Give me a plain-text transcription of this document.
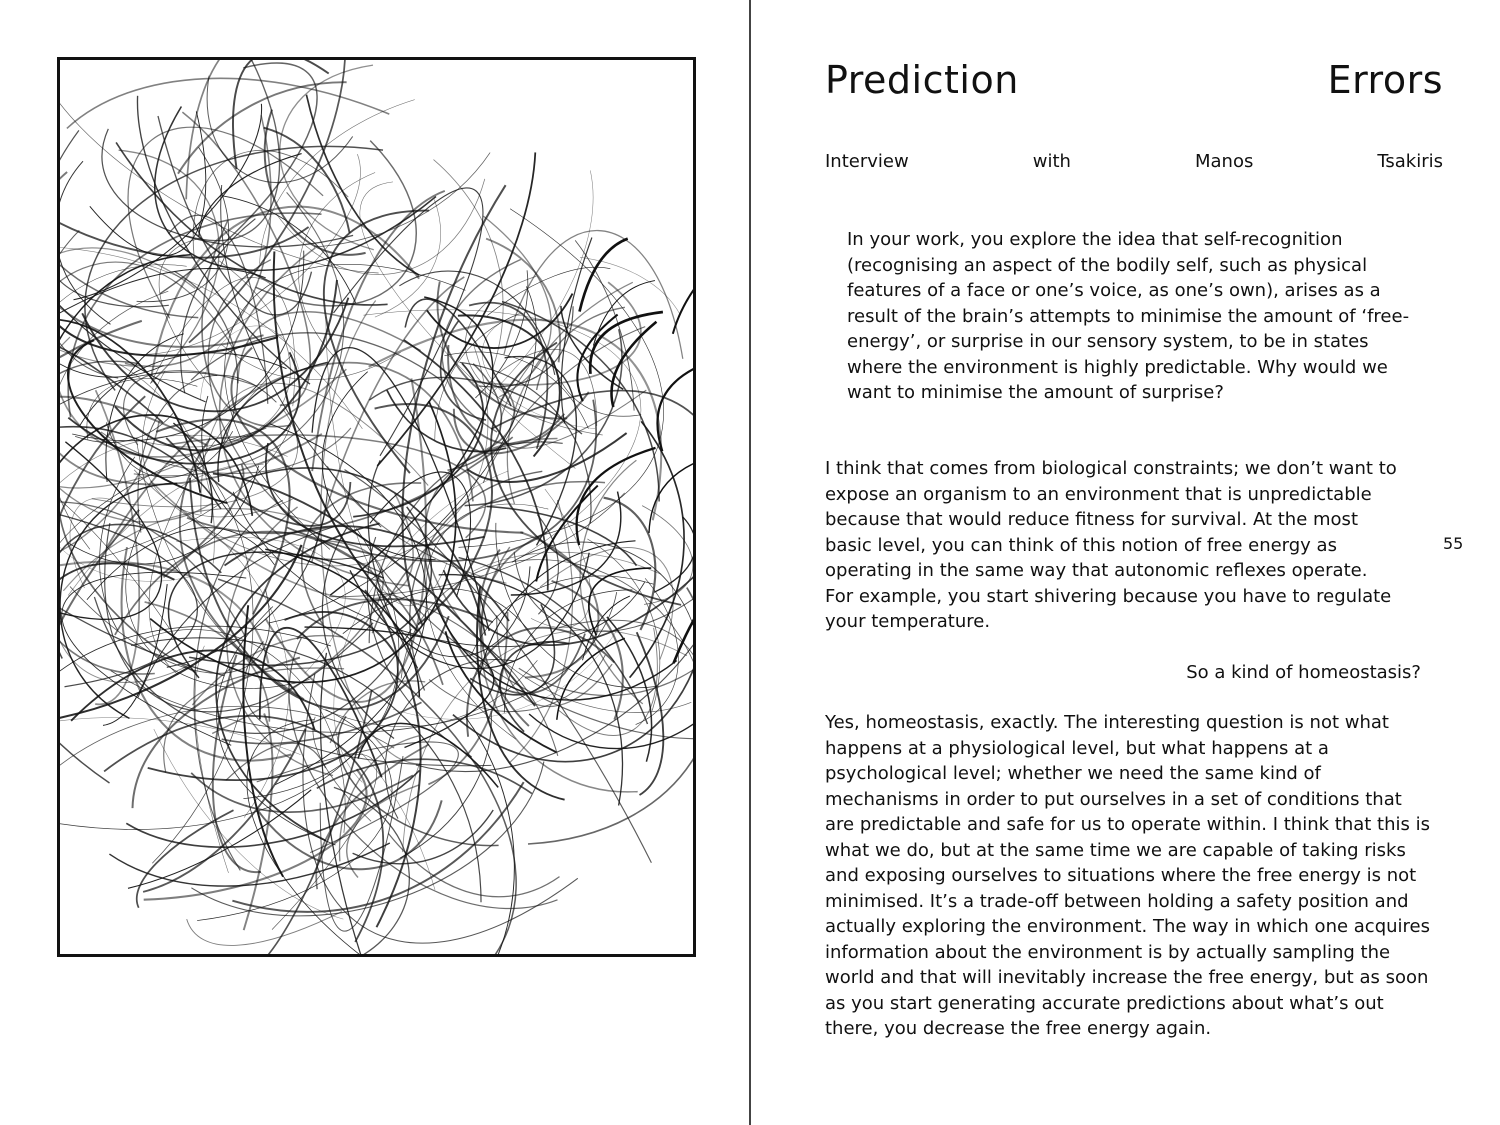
Prediction	Errors
Interview	with	Manos	Tsakiris

In your work, you explore the idea that self-recognition (recognising an aspect of the bodily self, such as physical features of a face or one’s voice, as one’s own), arises as a result of the brain’s attempts to minimise the amount of ‘free-energy’, or surprise in our sensory system, to be in states where the environment is highly predictable. Why would we want to minimise the amount of surprise?

I think that comes from biological constraints; we don’t want to expose an organism to an environment that is unpredictable because that would reduce fitness for survival. At the most basic level, you can think of this notion of free energy as operating in the same way that autonomic reflexes operate. For example, you start shivering because you have to regulate your temperature.

So a kind of homeostasis?

Yes, homeostasis, exactly. The interesting question is not what happens at a physiological level, but what happens at a psychological level; whether we need the same kind of mechanisms in order to put ourselves in a set of conditions that are predictable and safe for us to operate within. I think that this is what we do, but at the same time we are capable of taking risks and exposing ourselves to situations where the free energy is not minimised. It’s a trade-off between holding a safety position and actually exploring the environment. The way in which one acquires information about the environment is by actually sampling the world and that will inevitably increase the free energy, but as soon as you start generating accurate predictions about what’s out there, you decrease the free energy again.

55
